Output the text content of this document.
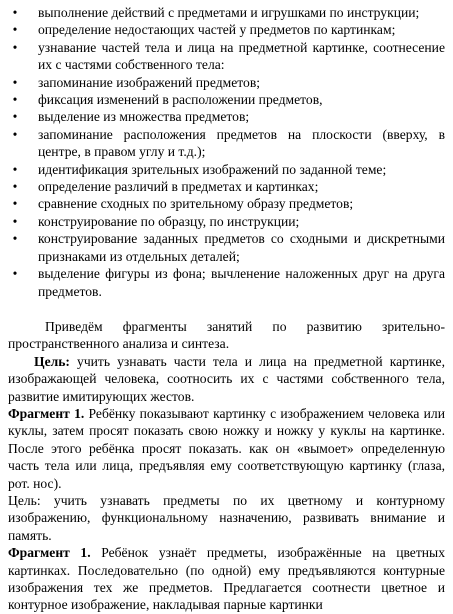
•	выполнение действий с предметами и игрушками по инструкции;
•	определение недостающих частей у предметов по картинкам;
•	узнавание частей тела и лица на предметной картинке, соотнесение их с частями собственного тела:
•	запоминание изображений предметов;
•	фиксация изменений в расположении предметов,
•	выделение из множества предметов;
•	запоминание расположения предметов на плоскости (вверху, в центре, в правом углу и т.д.);
•	идентификация зрительных изображений по заданной теме;
•	определение различий в предметах и картинках;
•	сравнение сходных по зрительному образу предметов;
•	конструирование по образцу, по инструкции;
•	конструирование заданных предметов со сходными и дискретными признаками из отдельных деталей;
•	выделение фигуры из фона; вычленение наложенных друг на друга предметов.

Приведём фрагменты занятий по развитию зрительно-пространственного анализа и синтеза.

Цель: учить узнавать части тела и лица на предметной картинке, изображающей человека, соотносить их с частями собственного тела, развитие имитирующих жестов.

Фрагмент 1. Ребёнку показывают картинку с изображением человека или куклы, затем просят показать свою ножку и ножку у куклы на картинке. После этого ребёнка просят показать. как он «вымоет» определенную часть тела или лица, предъявляя ему соответствующую картинку (глаза, рот. нос).

Цель: учить узнавать предметы по их цветному и контурному изображению, функциональному назначению, развивать внимание и память.

Фрагмент 1. Ребёнок узнаёт предметы, изображённые на цветных картинках. Последовательно (по одной) ему предъявляются контурные изображения тех же предметов. Предлагается соотнести цветное и контурное изображение, накладывая парные картинки
